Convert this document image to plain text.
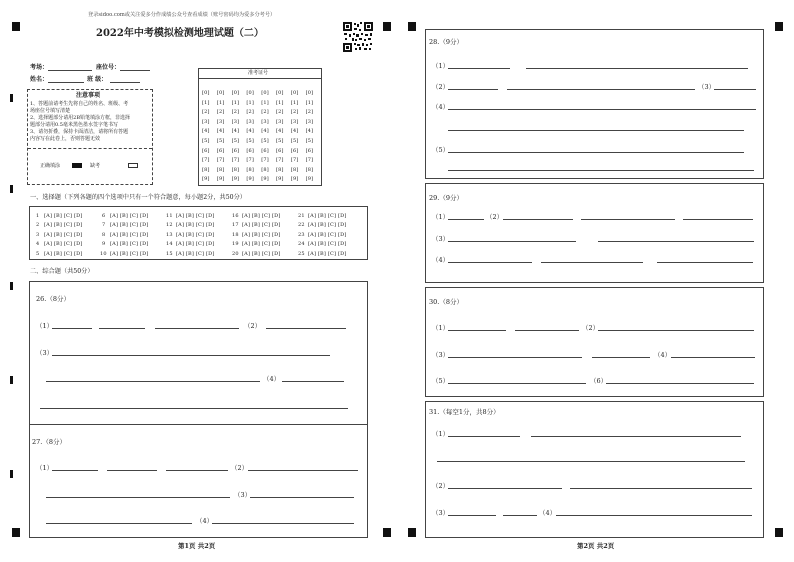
登录sidoo.com或关注爱多分作成绩公众号查看成绩（账号密码均为爱多分考号）
2022年中考模拟检测地理试题（二）
考场：	座位号：
姓名：	班 级：
注意事项
1、答题前请考生先将自己的姓名、班级、考
场座位号填写清楚
2、选择题部分请用2B铅笔填涂方框，非选择
题部分请用0.5毫米黑色墨水签字笔书写
3、请勿折叠，保持卡面清洁，请将所有答题
内容写在此卷上，否则答题无效
正确填涂	缺考
准考证号
[0] [0] [0] [0] [0] [0] [0] [0]
[1] [1] [1] [1] [1] [1] [1] [1]
[2] [2] [2] [2] [2] [2] [2] [2]
[3] [3] [3] [3] [3] [3] [3] [3]
[4] [4] [4] [4] [4] [4] [4] [4]
[5] [5] [5] [5] [5] [5] [5] [5]
[6] [6] [6] [6] [6] [6] [6] [6]
[7] [7] [7] [7] [7] [7] [7] [7]
[8] [8] [8] [8] [8] [8] [8] [8]
[9] [9] [9] [9] [9] [9] [9] [9]
一、选择题（下列各题的四个选项中只有一个符合题意，每小题2分，共50分）
1 [A] [B] [C] [D]	6 [A] [B] [C] [D]	11 [A] [B] [C] [D]	16 [A] [B] [C] [D]	21 [A] [B] [C] [D]
2 [A] [B] [C] [D]	7 [A] [B] [C] [D]	12 [A] [B] [C] [D]	17 [A] [B] [C] [D]	22 [A] [B] [C] [D]
3 [A] [B] [C] [D]	8 [A] [B] [C] [D]	13 [A] [B] [C] [D]	18 [A] [B] [C] [D]	23 [A] [B] [C] [D]
4 [A] [B] [C] [D]	9 [A] [B] [C] [D]	14 [A] [B] [C] [D]	19 [A] [B] [C] [D]	24 [A] [B] [C] [D]
5 [A] [B] [C] [D]	10 [A] [B] [C] [D]	15 [A] [B] [C] [D]	20 [A] [B] [C] [D]	25 [A] [B] [C] [D]
二、综合题（共50分）
26.（8分）
（1）	（2）
（3）
（4）
27.（8分）
（1）	（2）
（3）
（4）
第1页 共2页
28.（9分）
（1）
（2）	（3）
（4）
（5）
29.（9分）
（1）	（2）
（3）
（4）
30.（8分）
（1）	（2）
（3）	（4）
（5）	（6）
31.（每空1分，共8分）
（1）
（2）
（3）	（4）
第2页 共2页
